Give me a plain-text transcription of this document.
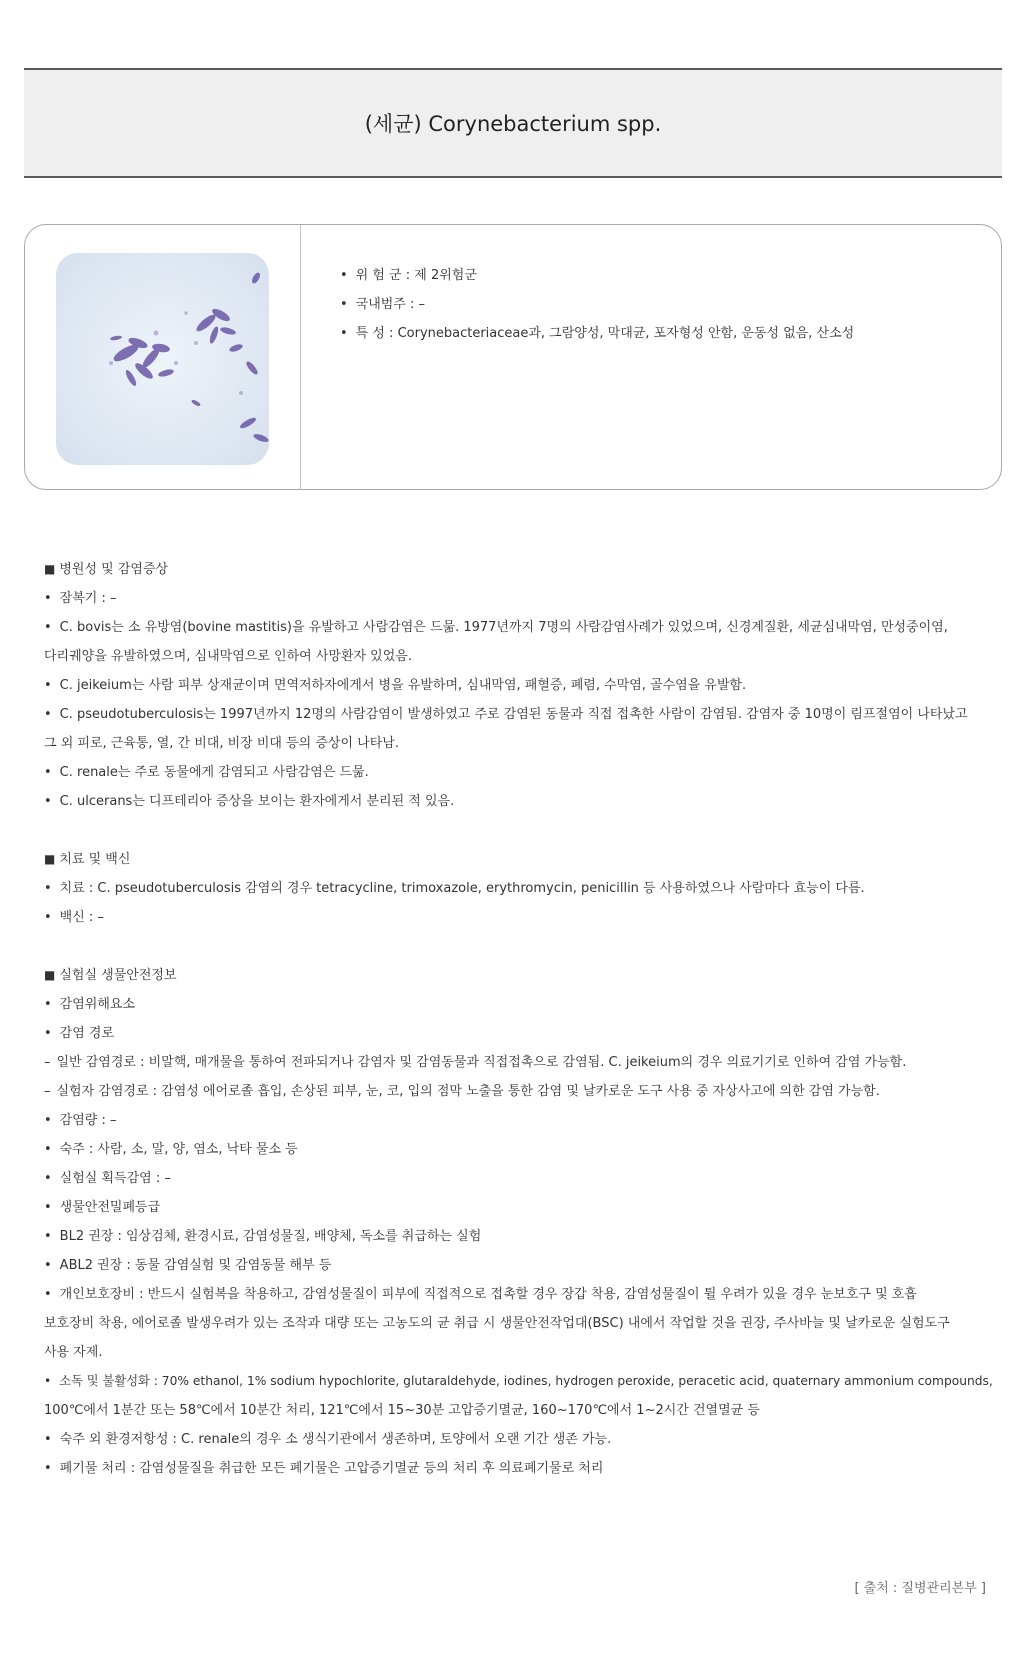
(세균) Corynebacterium spp.
• 위 험 군 : 제 2위험군
• 국내범주 : –
• 특 성 : Corynebacteriaceae과, 그람양성, 막대균, 포자형성 안함, 운동성 없음, 산소성
■ 병원성 및 감염증상
• 잠복기 : –
• C. bovis는 소 유방염(bovine mastitis)을 유발하고 사람감염은 드묾. 1977년까지 7명의 사람감염사례가 있었으며, 신경계질환, 세균심내막염, 만성중이염,
다리궤양을 유발하였으며, 심내막염으로 인하여 사망환자 있었음.
• C. jeikeium는 사람 피부 상재균이며 면역저하자에게서 병을 유발하며, 심내막염, 패혈증, 폐렴, 수막염, 골수염을 유발함.
• C. pseudotuberculosis는 1997년까지 12명의 사람감염이 발생하였고 주로 감염된 동물과 직접 접촉한 사람이 감염됨. 감염자 중 10명이 림프절염이 나타났고
그 외 피로, 근육통, 열, 간 비대, 비장 비대 등의 증상이 나타남.
• C. renale는 주로 동물에게 감염되고 사람감염은 드묾.
• C. ulcerans는 디프테리아 증상을 보이는 환자에게서 분리된 적 있음.
■ 치료 및 백신
• 치료 : C. pseudotuberculosis 감염의 경우 tetracycline, trimoxazole, erythromycin, penicillin 등 사용하였으나 사람마다 효능이 다름.
• 백신 : –
■ 실험실 생물안전정보
• 감염위해요소
• 감염 경로
– 일반 감염경로 : 비말핵, 매개물을 통하여 전파되거나 감염자 및 감염동물과 직접접촉으로 감염됨. C. jeikeium의 경우 의료기기로 인하여 감염 가능함.
– 실험자 감염경로 : 감염성 에어로졸 흡입, 손상된 피부, 눈, 코, 입의 점막 노출을 통한 감염 및 날카로운 도구 사용 중 자상사고에 의한 감염 가능함.
• 감염량 : –
• 숙주 : 사람, 소, 말, 양, 염소, 낙타 물소 등
• 실험실 획득감염 : –
• 생물안전밀폐등급
• BL2 권장 : 임상검체, 환경시료, 감염성물질, 배양체, 독소를 취급하는 실험
• ABL2 권장 : 동물 감염실험 및 감염동물 해부 등
• 개인보호장비 : 반드시 실험복을 착용하고, 감염성물질이 피부에 직접적으로 접촉할 경우 장갑 착용, 감염성물질이 튈 우려가 있을 경우 눈보호구 및 호흡
보호장비 착용, 에어로졸 발생우려가 있는 조작과 대량 또는 고농도의 균 취급 시 생물안전작업대(BSC) 내에서 작업할 것을 권장, 주사바늘 및 날카로운 실험도구
사용 자제.
• 소독 및 불활성화 : 70% ethanol, 1% sodium hypochlorite, glutaraldehyde, iodines, hydrogen peroxide, peracetic acid, quaternary ammonium compounds,
100℃에서 1분간 또는 58℃에서 10분간 처리, 121℃에서 15~30분 고압증기멸균, 160~170℃에서 1~2시간 건열멸균 등
• 숙주 외 환경저항성 : C. renale의 경우 소 생식기관에서 생존하며, 토양에서 오랜 기간 생존 가능.
• 폐기물 처리 : 감염성물질을 취급한 모든 폐기물은 고압증기멸균 등의 처리 후 의료폐기물로 처리
[ 출처 : 질병관리본부 ]
